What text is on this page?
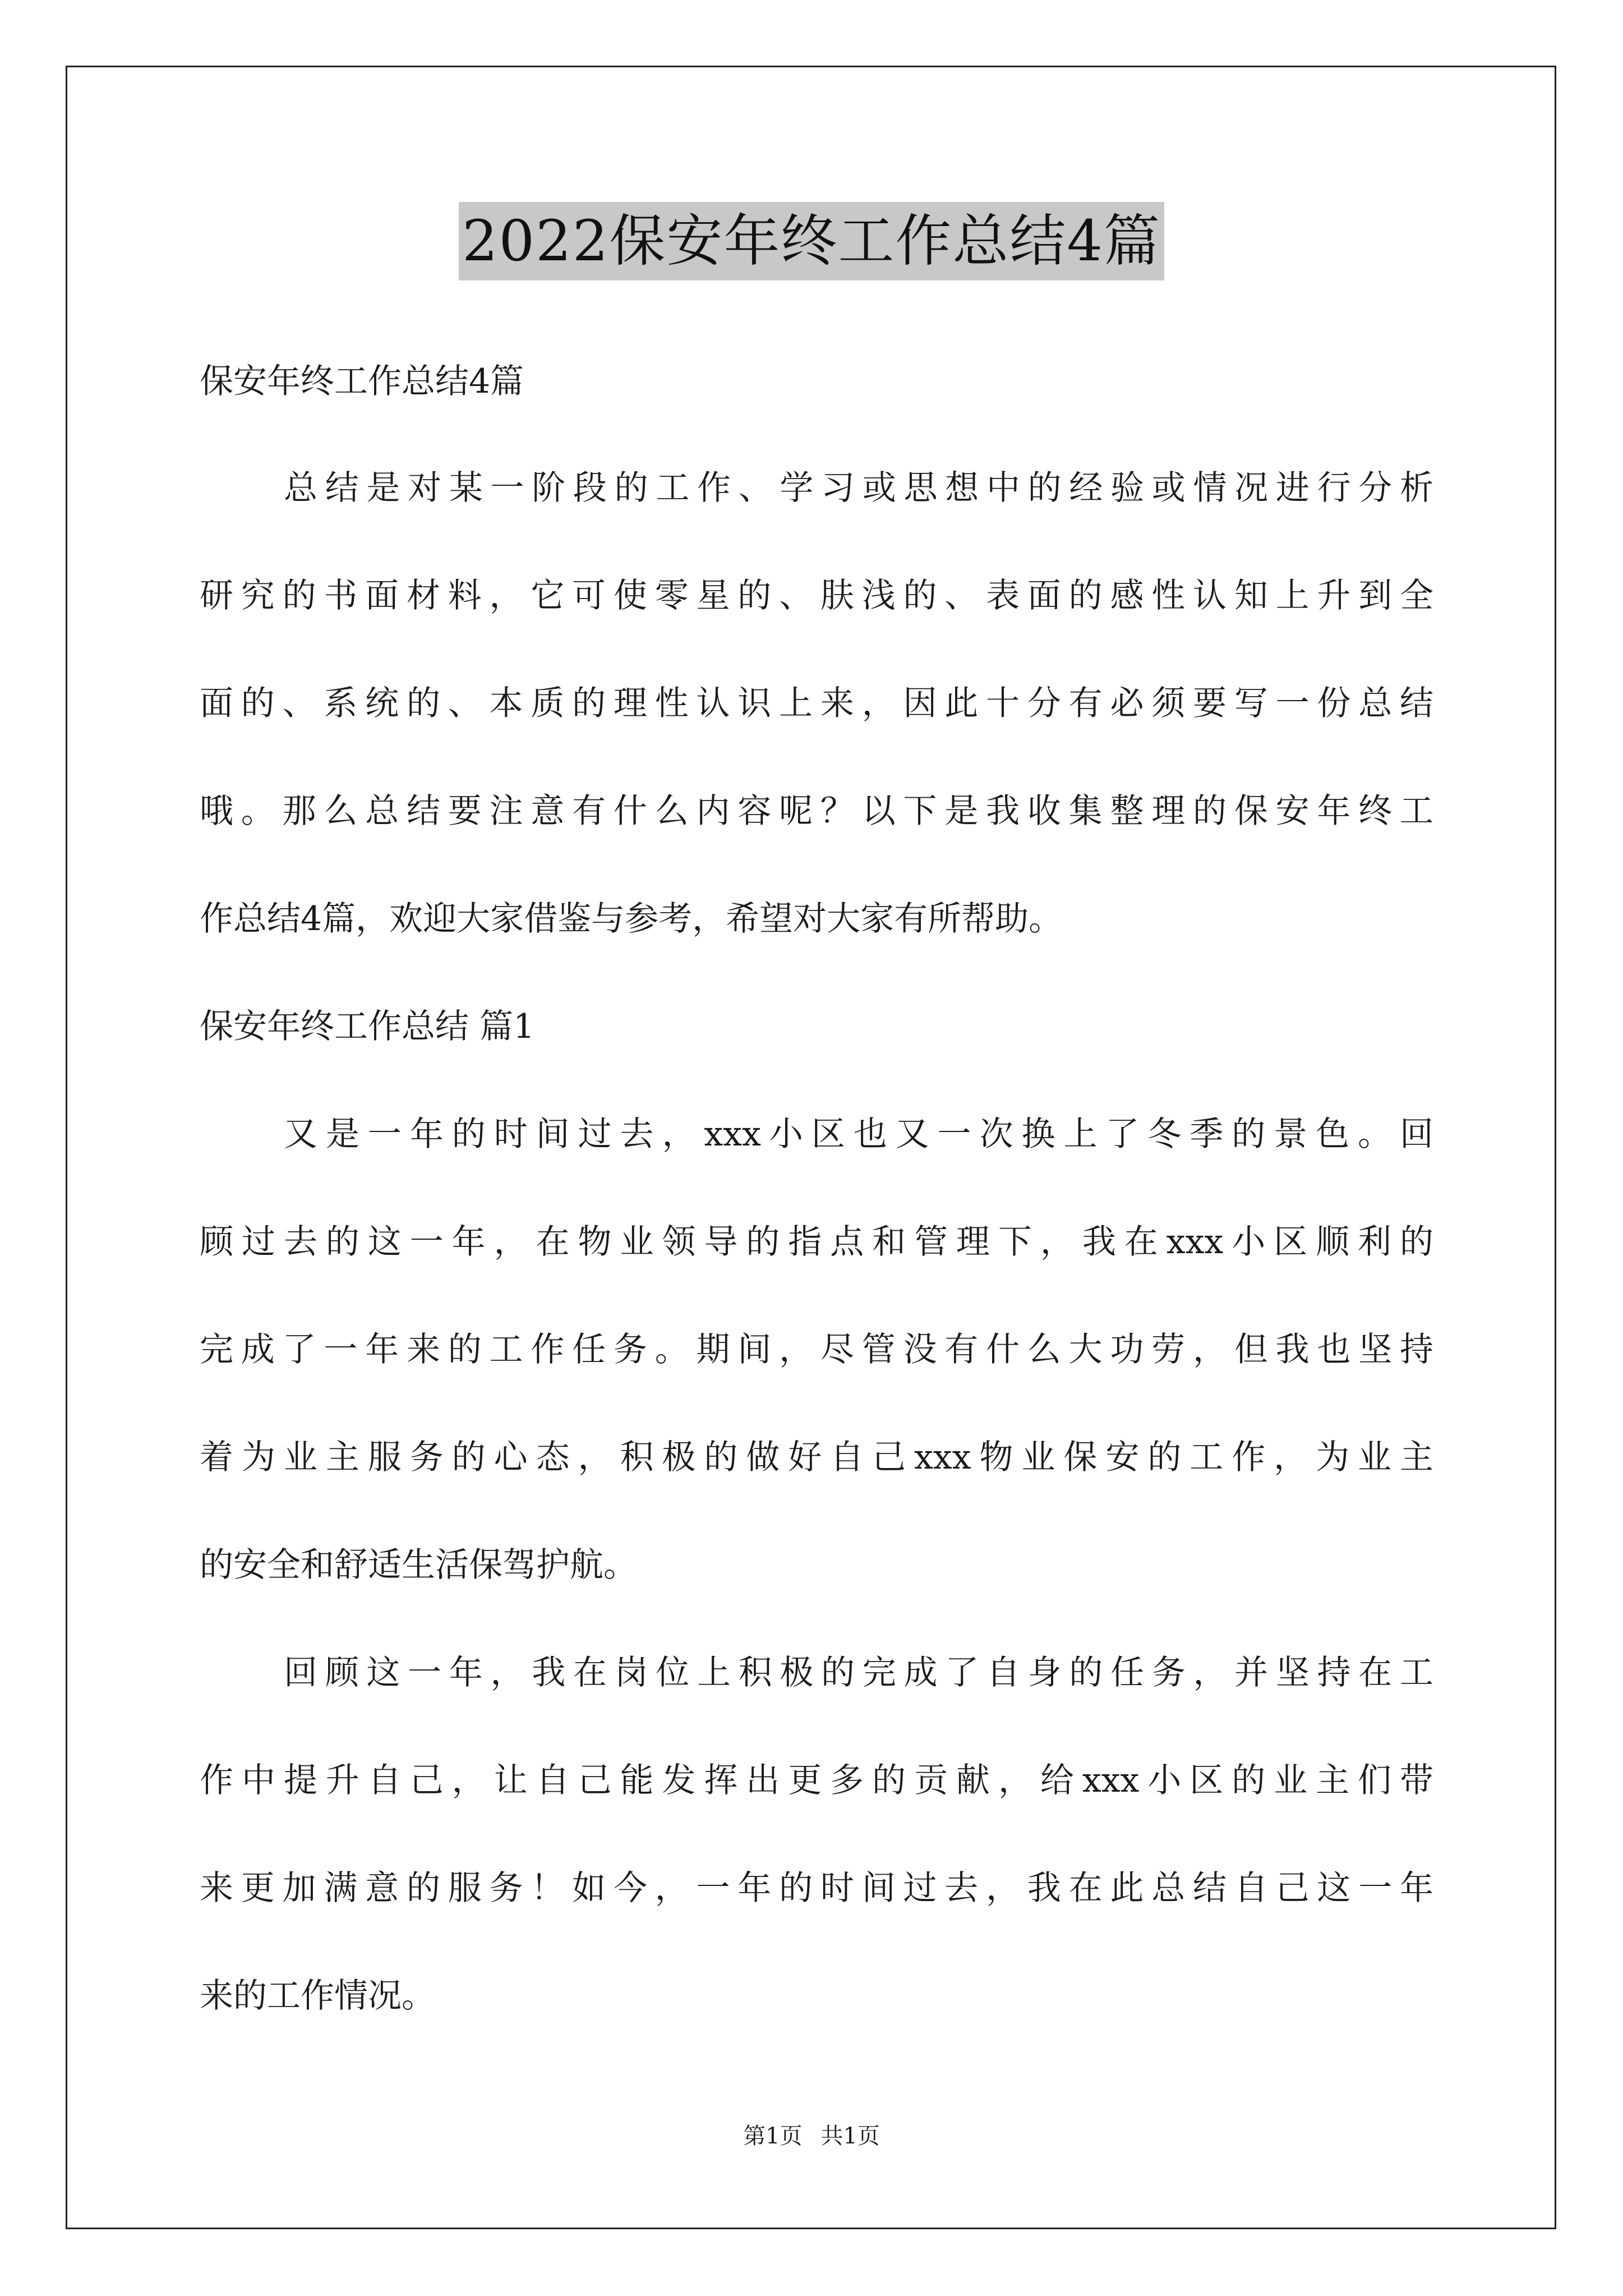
2022保安年终工作总结4篇
保安年终工作总结4篇
总结是对某一阶段的工作、学习或思想中的经验或情况进行分析
研究的书面材料，它可使零星的、肤浅的、表面的感性认知上升到全
面的、系统的、本质的理性认识上来，因此十分有必须要写一份总结
哦。那么总结要注意有什么内容呢？以下是我收集整理的保安年终工
作总结4篇，欢迎大家借鉴与参考，希望对大家有所帮助。
保安年终工作总结 篇1
又是一年的时间过去，xxx小区也又一次换上了冬季的景色。回
顾过去的这一年，在物业领导的指点和管理下，我在xxx小区顺利的
完成了一年来的工作任务。期间，尽管没有什么大功劳，但我也坚持
着为业主服务的心态，积极的做好自己xxx物业保安的工作，为业主
的安全和舒适生活保驾护航。
回顾这一年，我在岗位上积极的完成了自身的任务，并坚持在工
作中提升自己，让自己能发挥出更多的贡献，给xxx小区的业主们带
来更加满意的服务！如今，一年的时间过去，我在此总结自己这一年
来的工作情况。
第1页 共1页
